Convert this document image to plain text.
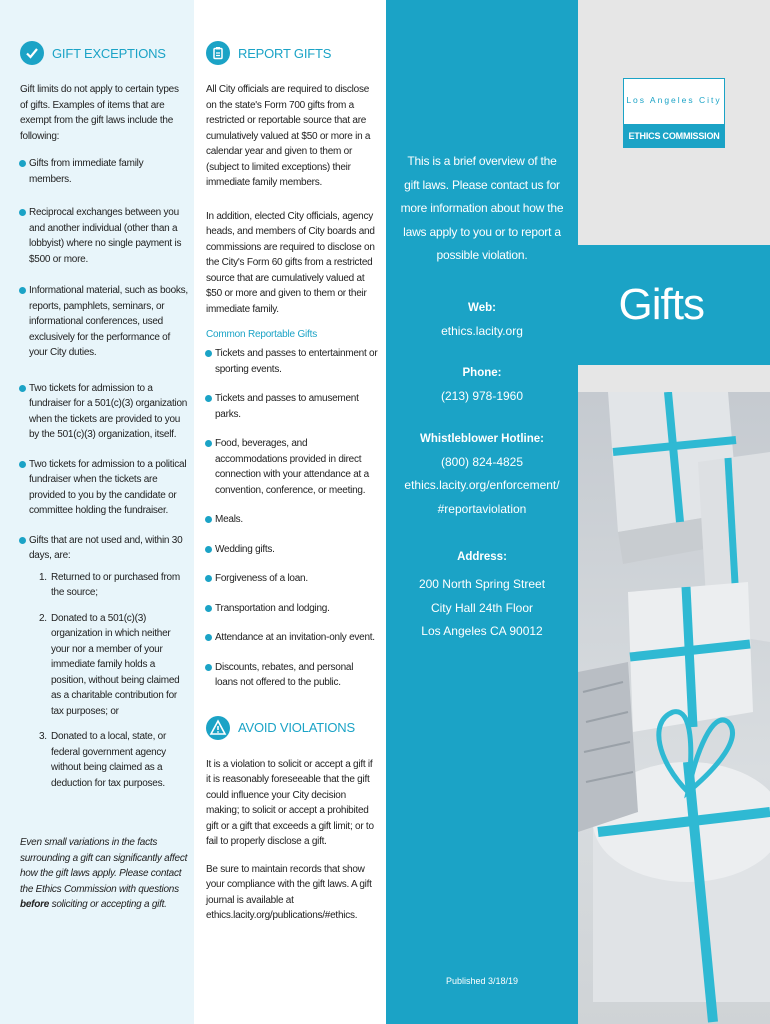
GIFT EXCEPTIONS
Gift limits do not apply to certain types of gifts. Examples of items that are exempt from the gift laws include the following:
Gifts from immediate family members.
Reciprocal exchanges between you and another individual (other than a lobbyist) where no single payment is $500 or more.
Informational material, such as books, reports, pamphlets, seminars, or informational conferences, used exclusively for the performance of your City duties.
Two tickets for admission to a fundraiser for a 501(c)(3) organization when the tickets are provided to you by the 501(c)(3) organization, itself.
Two tickets for admission to a political fundraiser when the tickets are provided to you by the candidate or committee holding the fundraiser.
Gifts that are not used and, within 30 days, are:
1. Returned to or purchased from the source;
2. Donated to a 501(c)(3) organization in which neither your nor a member of your immediate family holds a position, without being claimed as a charitable contribution for tax purposes; or
3. Donated to a local, state, or federal government agency without being claimed as a deduction for tax purposes.
Even small variations in the facts surrounding a gift can significantly affect how the gift laws apply. Please contact the Ethics Commission with questions before soliciting or accepting a gift.
REPORT GIFTS
All City officials are required to disclose on the state's Form 700 gifts from a restricted or reportable source that are cumulatively valued at $50 or more in a calendar year and given to them or (subject to limited exceptions) their immediate family members.
In addition, elected City officials, agency heads, and members of City boards and commissions are required to disclose on the City's Form 60 gifts from a restricted source that are cumulatively valued at $50 or more and given to them or their immediate family.
Common Reportable Gifts
Tickets and passes to entertainment or sporting events.
Tickets and passes to amusement parks.
Food, beverages, and accommodations provided in direct connection with your attendance at a convention, conference, or meeting.
Meals.
Wedding gifts.
Forgiveness of a loan.
Transportation and lodging.
Attendance at an invitation-only event.
Discounts, rebates, and personal loans not offered to the public.
AVOID VIOLATIONS
It is a violation to solicit or accept a gift if it is reasonably foreseeable that the gift could influence your City decision making; to solicit or accept a prohibited gift or a gift that exceeds a gift limit; or to fail to properly disclose a gift.
Be sure to maintain records that show your compliance with the gift laws. A gift journal is available at ethics.lacity.org/publications/#ethics.
This is a brief overview of the gift laws. Please contact us for more information about how the laws apply to you or to report a possible violation.
Web:
ethics.lacity.org
Phone:
(213) 978-1960
Whistleblower Hotline:
(800) 824-4825
ethics.lacity.org/enforcement/
#reportaviolation
Address:
200 North Spring Street
City Hall 24th Floor
Los Angeles CA 90012
Published 3/18/19
Los Angeles City
ETHICS COMMISSION
Gifts
